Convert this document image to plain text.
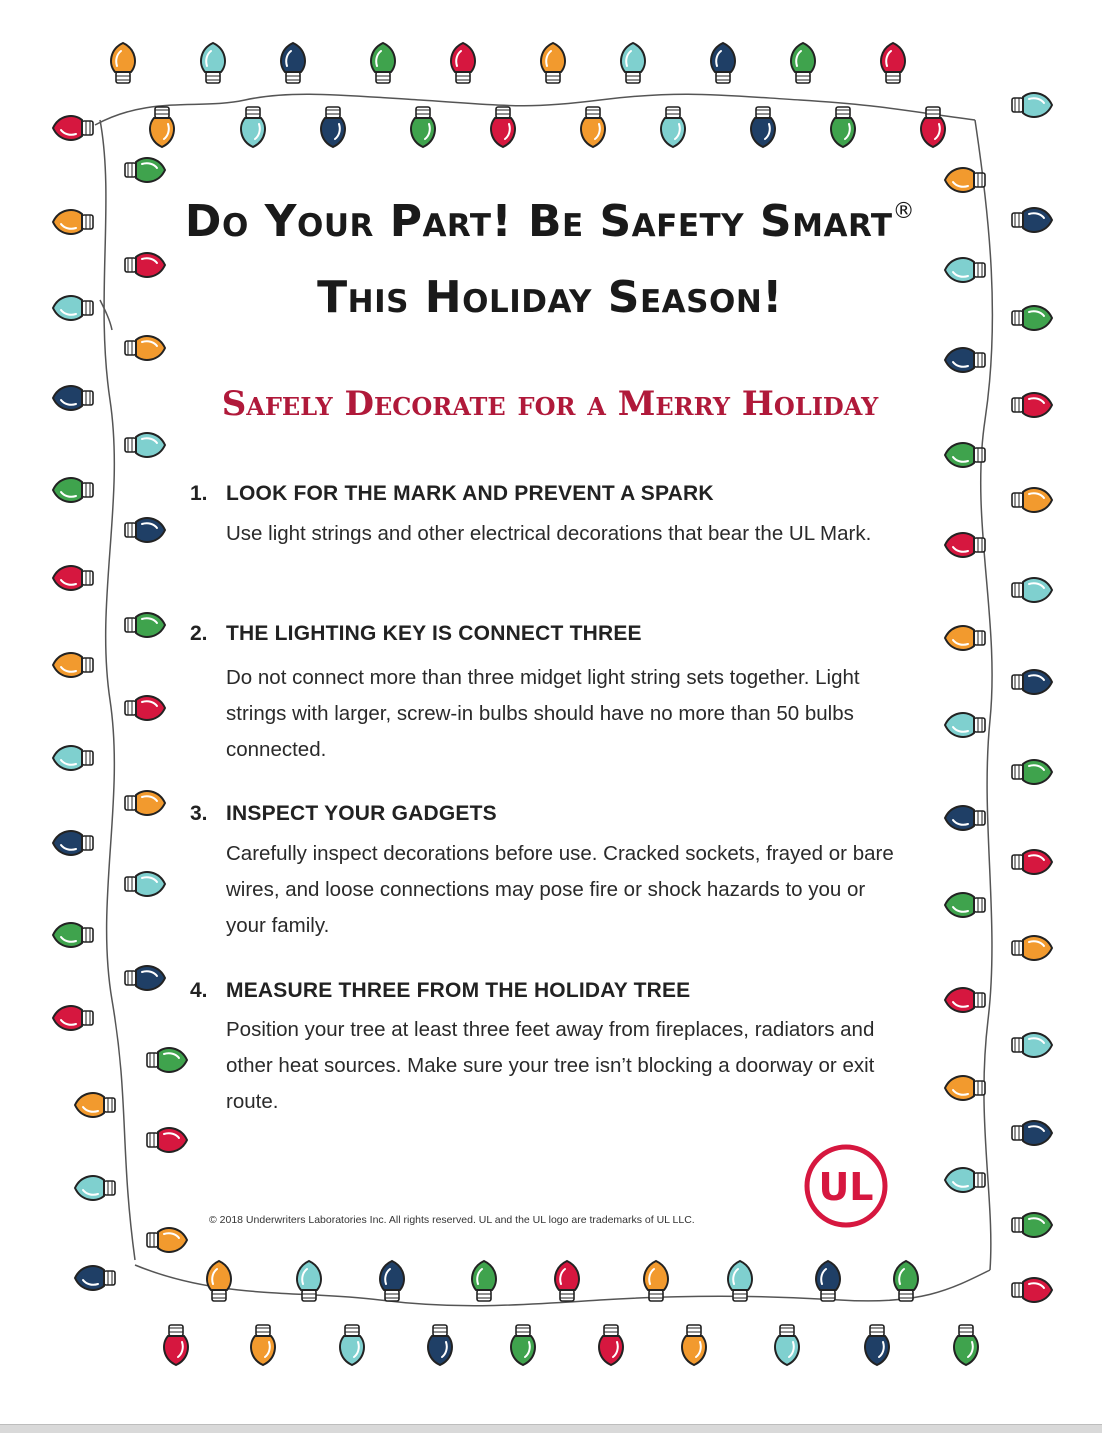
Do Your Part! Be Safety Smart®
This Holiday Season!
Safely Decorate for a Merry Holiday
1. LOOK FOR THE MARK AND PREVENT A SPARK
Use light strings and other electrical decorations that bear the UL Mark.
2. THE LIGHTING KEY IS CONNECT THREE
Do not connect more than three midget light string sets together. Light strings with larger, screw-in bulbs should have no more than 50 bulbs connected.
3. INSPECT YOUR GADGETS
Carefully inspect decorations before use. Cracked sockets, frayed or bare wires, and loose connections may pose fire or shock hazards to you or your family.
4. MEASURE THREE FROM THE HOLIDAY TREE
Position your tree at least three feet away from fireplaces, radiators and other heat sources. Make sure your tree isn’t blocking a doorway or exit route.
UL
© 2018 Underwriters Laboratories Inc. All rights reserved. UL and the UL logo are trademarks of UL LLC.
